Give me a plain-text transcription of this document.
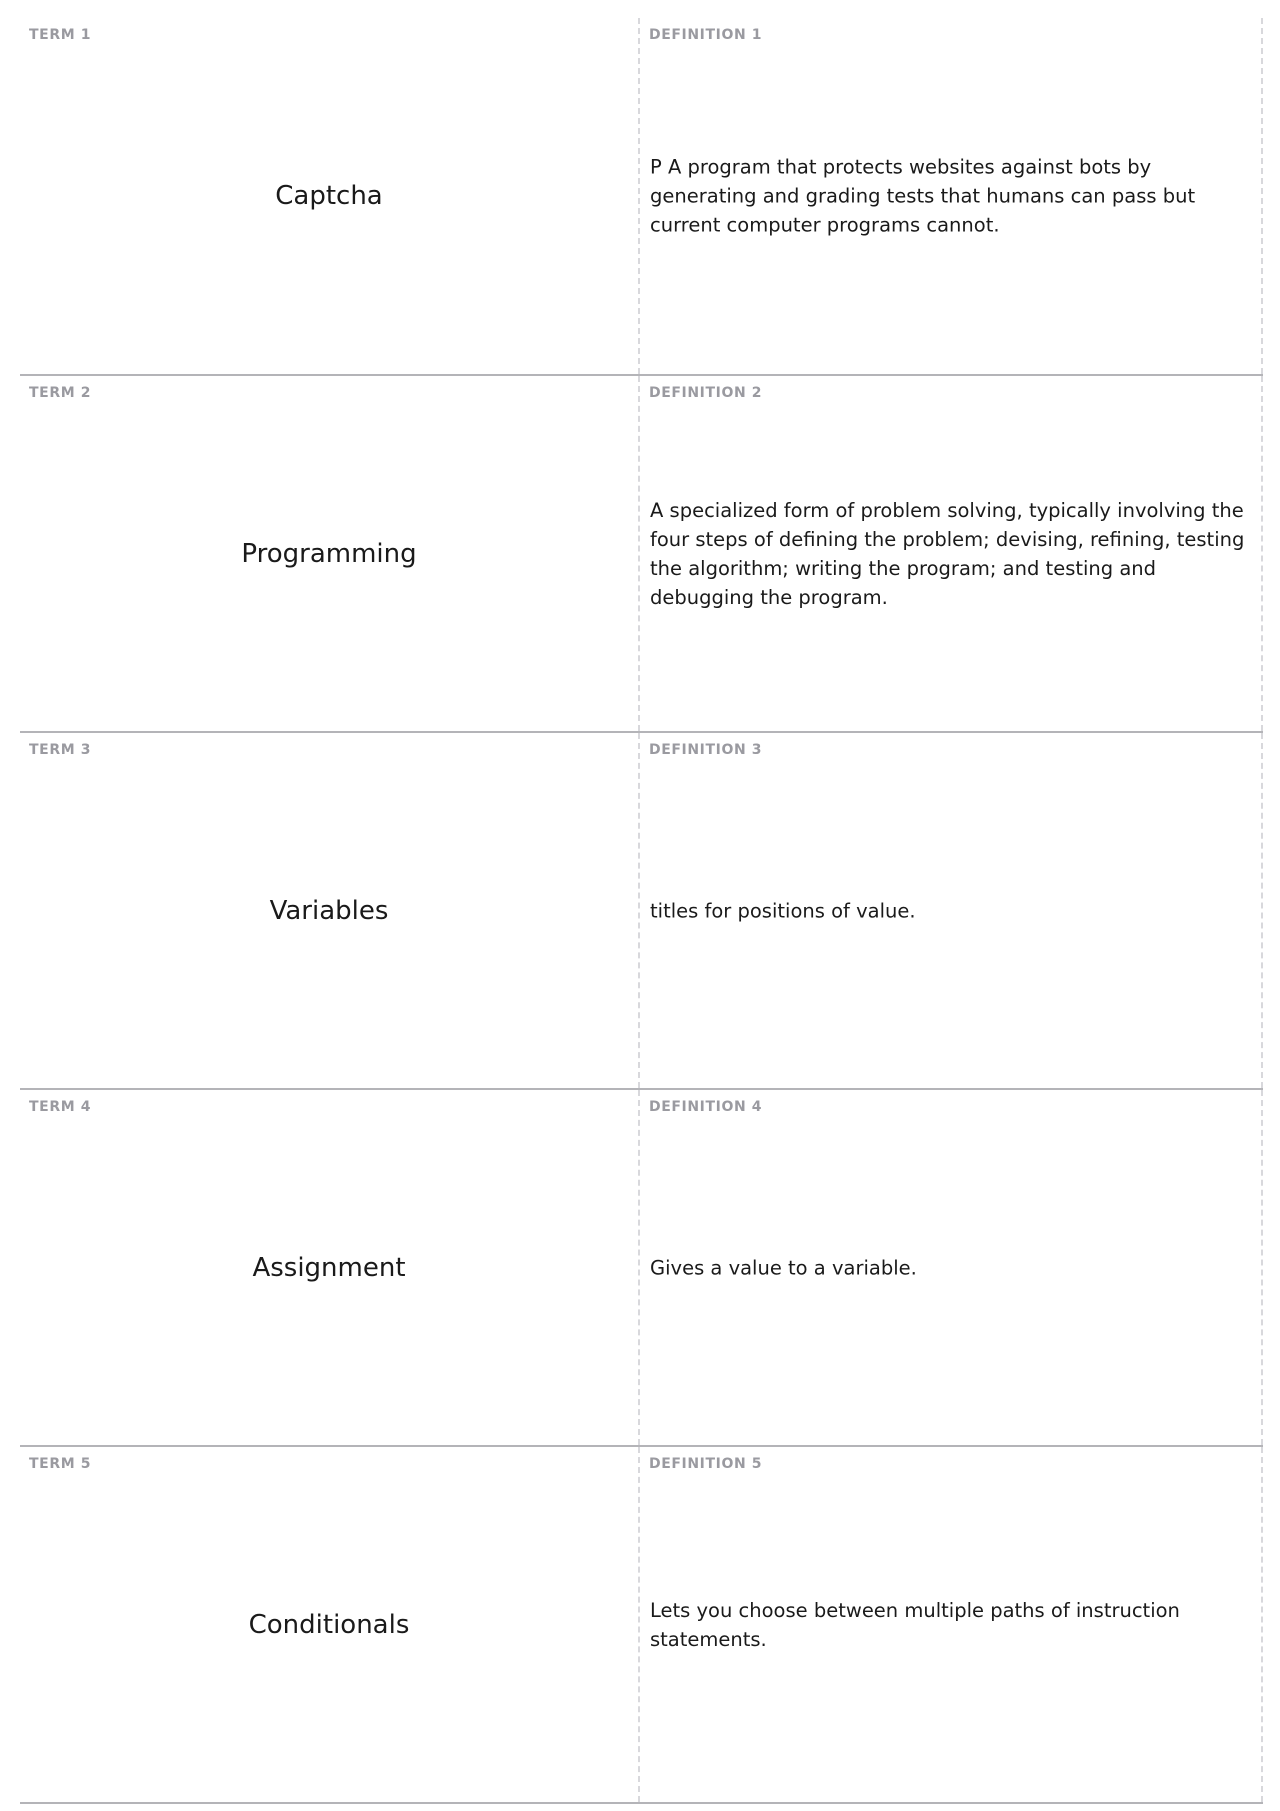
TERM 1
Captcha
DEFINITION 1
P A program that protects websites against bots by generating and grading tests that humans can pass but current computer programs cannot.
TERM 2
Programming
DEFINITION 2
A specialized form of problem solving, typically involving the four steps of defining the problem; devising, refining, testing the algorithm; writing the program; and testing and debugging the program.
TERM 3
Variables
DEFINITION 3
titles for positions of value.
TERM 4
Assignment
DEFINITION 4
Gives a value to a variable.
TERM 5
Conditionals
DEFINITION 5
Lets you choose between multiple paths of instruction statements.
